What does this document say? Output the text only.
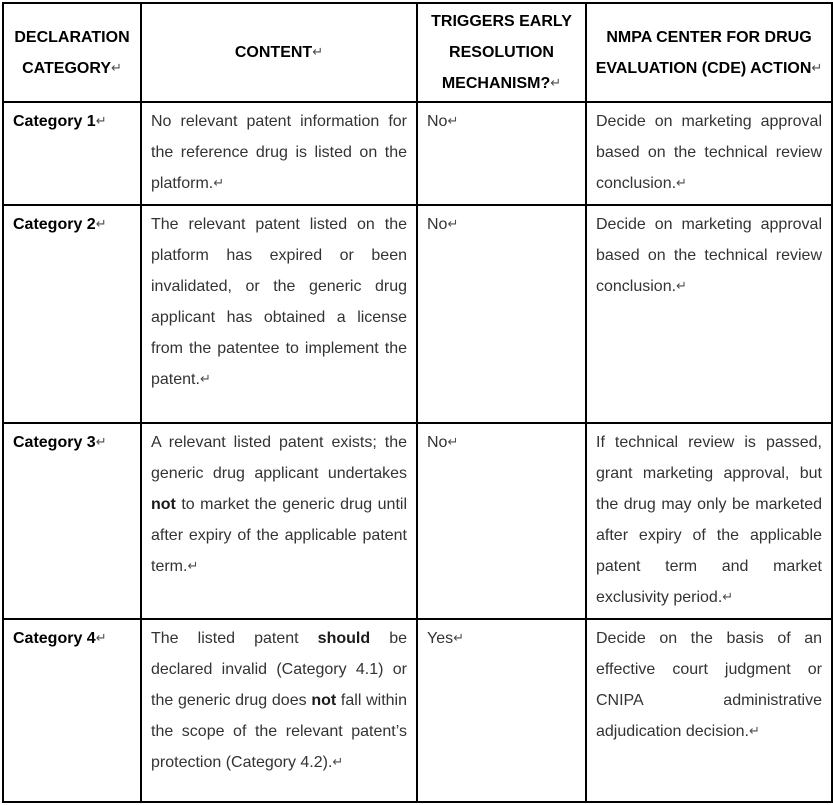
DECLARATION CATEGORY↵	CONTENT↵	TRIGGERS EARLY RESOLUTION MECHANISM?↵	NMPA CENTER FOR DRUG EVALUATION (CDE) ACTION↵
Category 1↵	No relevant patent information for the reference drug is listed on the platform.↵	No↵	Decide on marketing approval based on the technical review conclusion.↵
Category 2↵	The relevant patent listed on the platform has expired or been invalidated, or the generic drug applicant has obtained a license from the patentee to implement the patent.↵	No↵	Decide on marketing approval based on the technical review conclusion.↵
Category 3↵	A relevant listed patent exists; the generic drug applicant undertakes not to market the generic drug until after expiry of the applicable patent term.↵	No↵	If technical review is passed, grant marketing approval, but the drug may only be marketed after expiry of the applicable patent term and market exclusivity period.↵
Category 4↵	The listed patent should be declared invalid (Category 4.1) or the generic drug does not fall within the scope of the relevant patent’s protection (Category 4.2).↵	Yes↵	Decide on the basis of an effective court judgment or CNIPA administrative adjudication decision.↵
